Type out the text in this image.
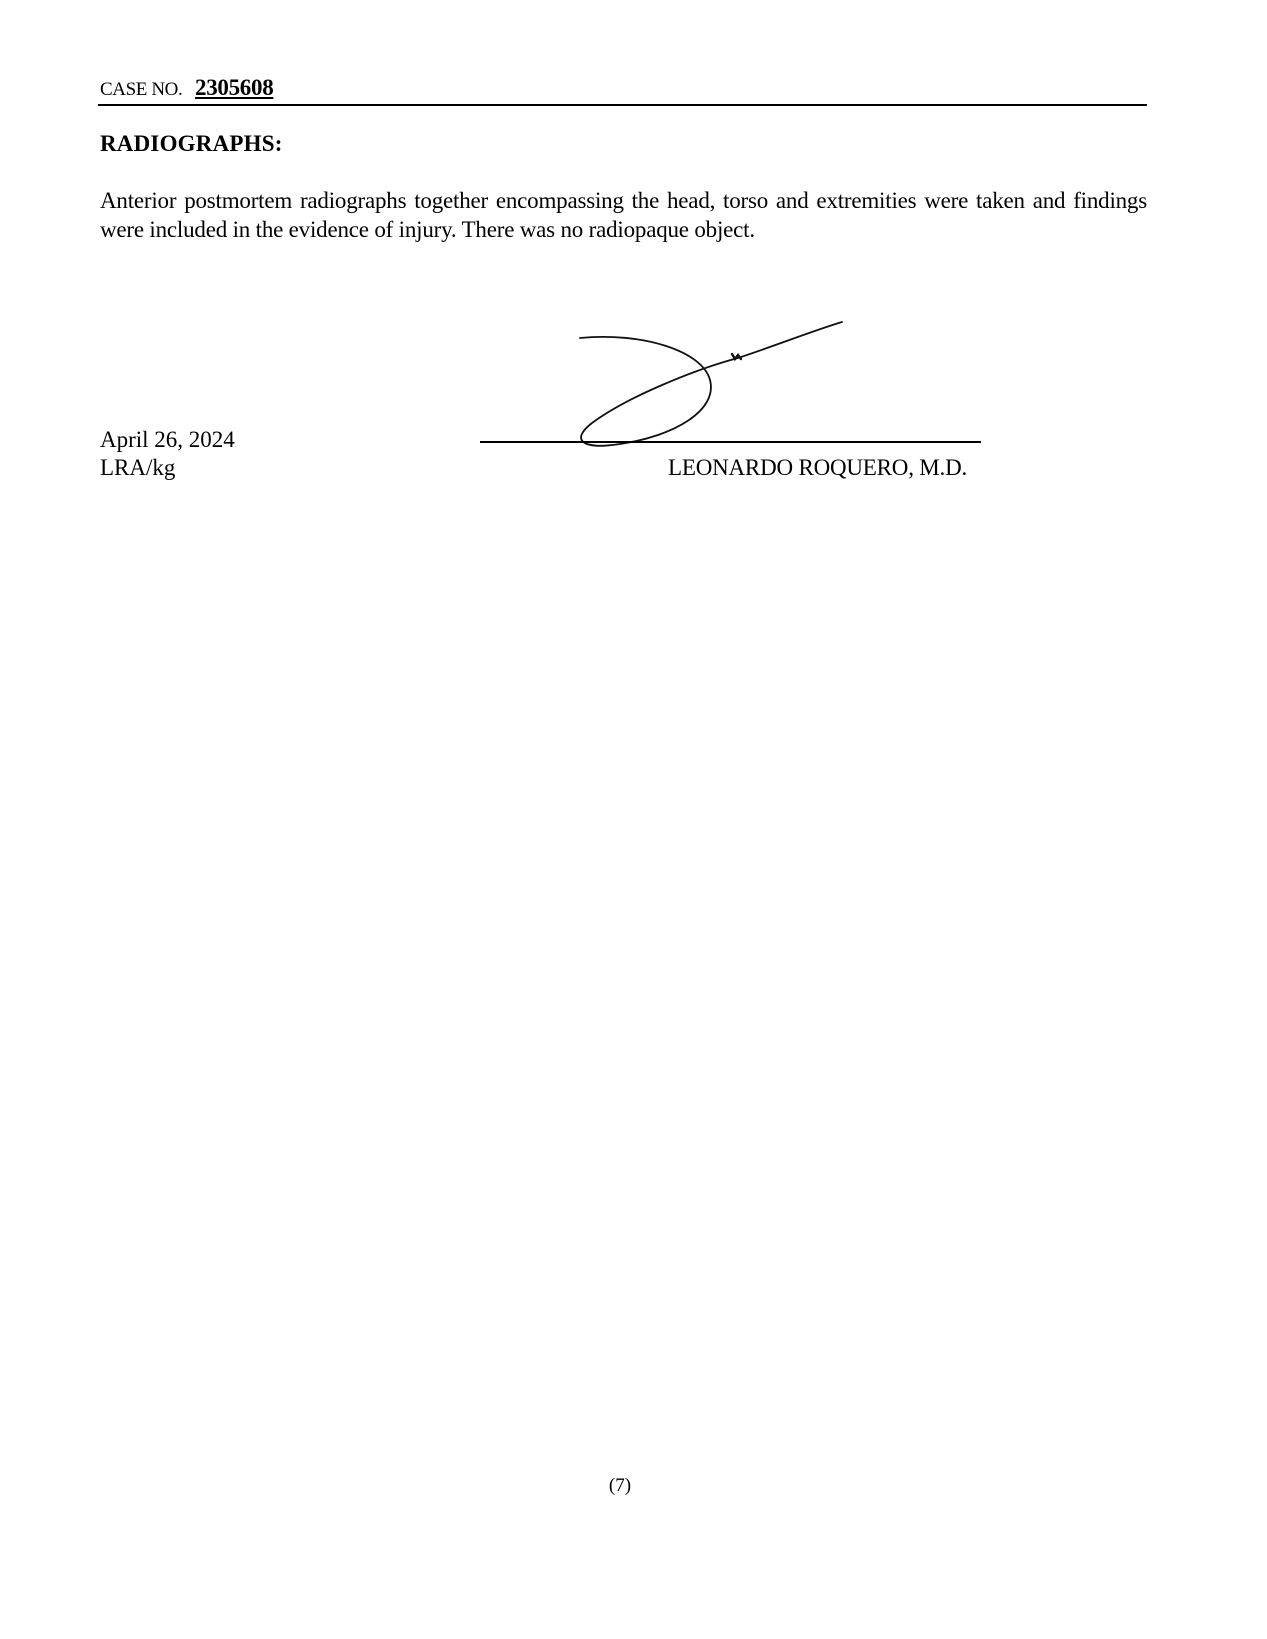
CASE NO. 2305608
RADIOGRAPHS:
Anterior postmortem radiographs together encompassing the head, torso and extremities were taken and findings were included in the evidence of injury. There was no radiopaque object.
April 26, 2024
LRA/kg	LEONARDO ROQUERO, M.D.
(7)
